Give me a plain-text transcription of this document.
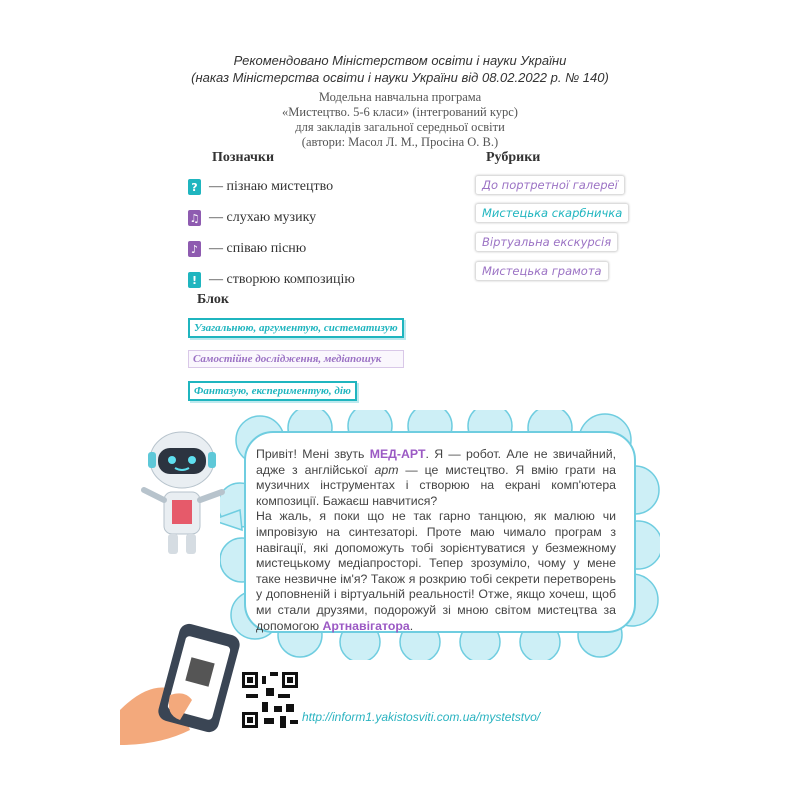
Рекомендовано Міністерством освіти і науки України
(наказ Міністерства освіти і науки України від 08.02.2022 р. № 140)
Модельна навчальна програма
«Мистецтво. 5-6 класи» (інтегрований курс)
для закладів загальної середньої освіти
(автори: Масол Л. М., Просіна О. В.)
Позначки	Рубрики
? — пізнаю мистецтво
♫ — слухаю музику
♪ — співаю пісню
! — створюю композицію
До портретної галереї
Мистецька скарбничка
Віртуальна екскурсія
Мистецька грамота
Блок
Узагальнюю, аргументую, систематизую
Самостійне дослідження, медіапошук
Фантазую, експериментую, дію
Привіт! Мені звуть МЕД-АРТ. Я — робот. Але не звичайний, адже з англійської арт — це мистецтво. Я вмію грати на музичних інструментах і створюю на екрані комп'ютера композиції. Бажаєш навчитися?
На жаль, я поки що не так гарно танцюю, як малюю чи імпровізую на синтезаторі. Проте маю чимало програм з навігації, які допоможуть тобі зорієнтуватися у безмежному мистецькому медіапросторі. Тепер зрозуміло, чому у мене таке незвичне ім'я? Також я розкрию тобі секрети перетворень у доповненій і віртуальній реальності! Отже, якщо хочеш, щоб ми стали друзями, подорожуй зі мною світом мистецтва за допомогою Артнавігатора.
http://inform1.yakistosviti.com.ua/mystetstvo/
